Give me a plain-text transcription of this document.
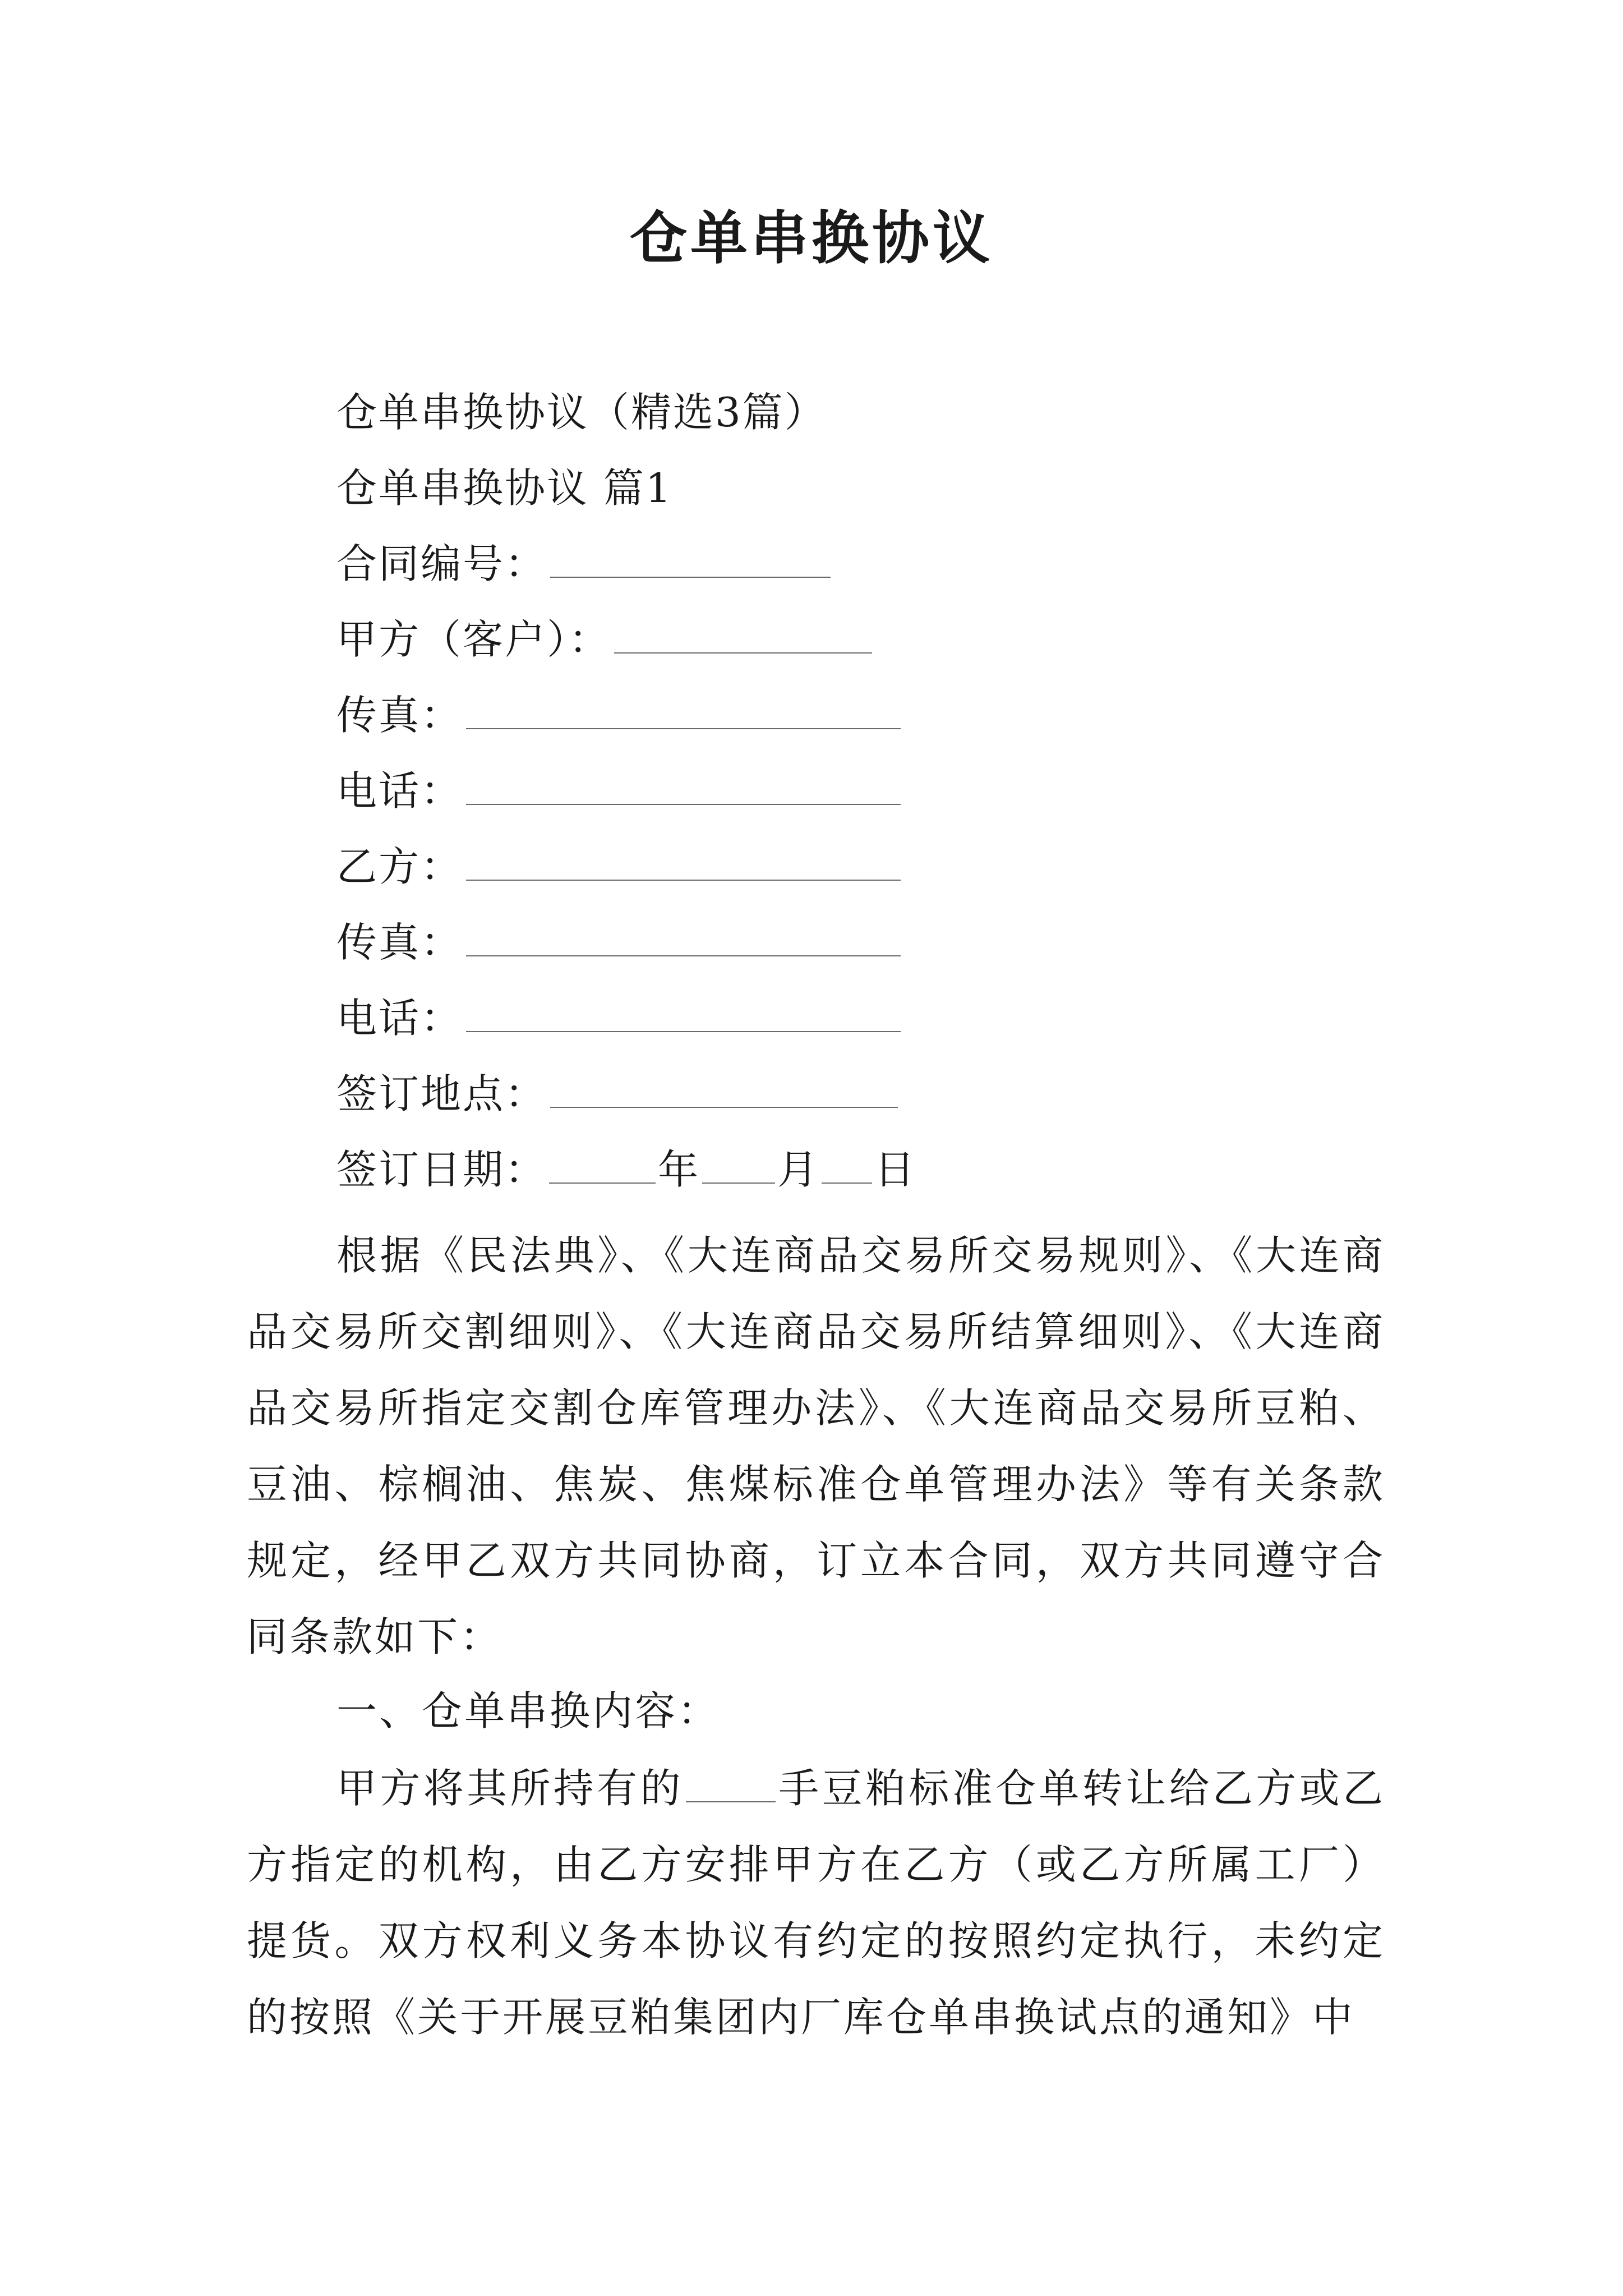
仓单串换协议
仓单串换协议（精选3篇）
仓单串换协议 篇1
合同编号：
甲方（客户）：
传真：
电话：
乙方：
传真：
电话：
签订地点：
签订日期：	年 月 日

根据《民法典》、《大连商品交易所交易规则》、《大连商品交易所交割细则》、《大连商品交易所结算细则》、《大连商品交易所指定交割仓库管理办法》、《大连商品交易所豆粕、豆油、棕榈油、焦炭、焦煤标准仓单管理办法》等有关条款规定，经甲乙双方共同协商，订立本合同，双方共同遵守合同条款如下：

一、仓单串换内容：

甲方将其所持有的 手豆粕标准仓单转让给乙方或乙方指定的机构，由乙方安排甲方在乙方（或乙方所属工厂）提货。双方权利义务本协议有约定的按照约定执行，未约定的按照《关于开展豆粕集团内厂库仓单串换试点的通知》中
